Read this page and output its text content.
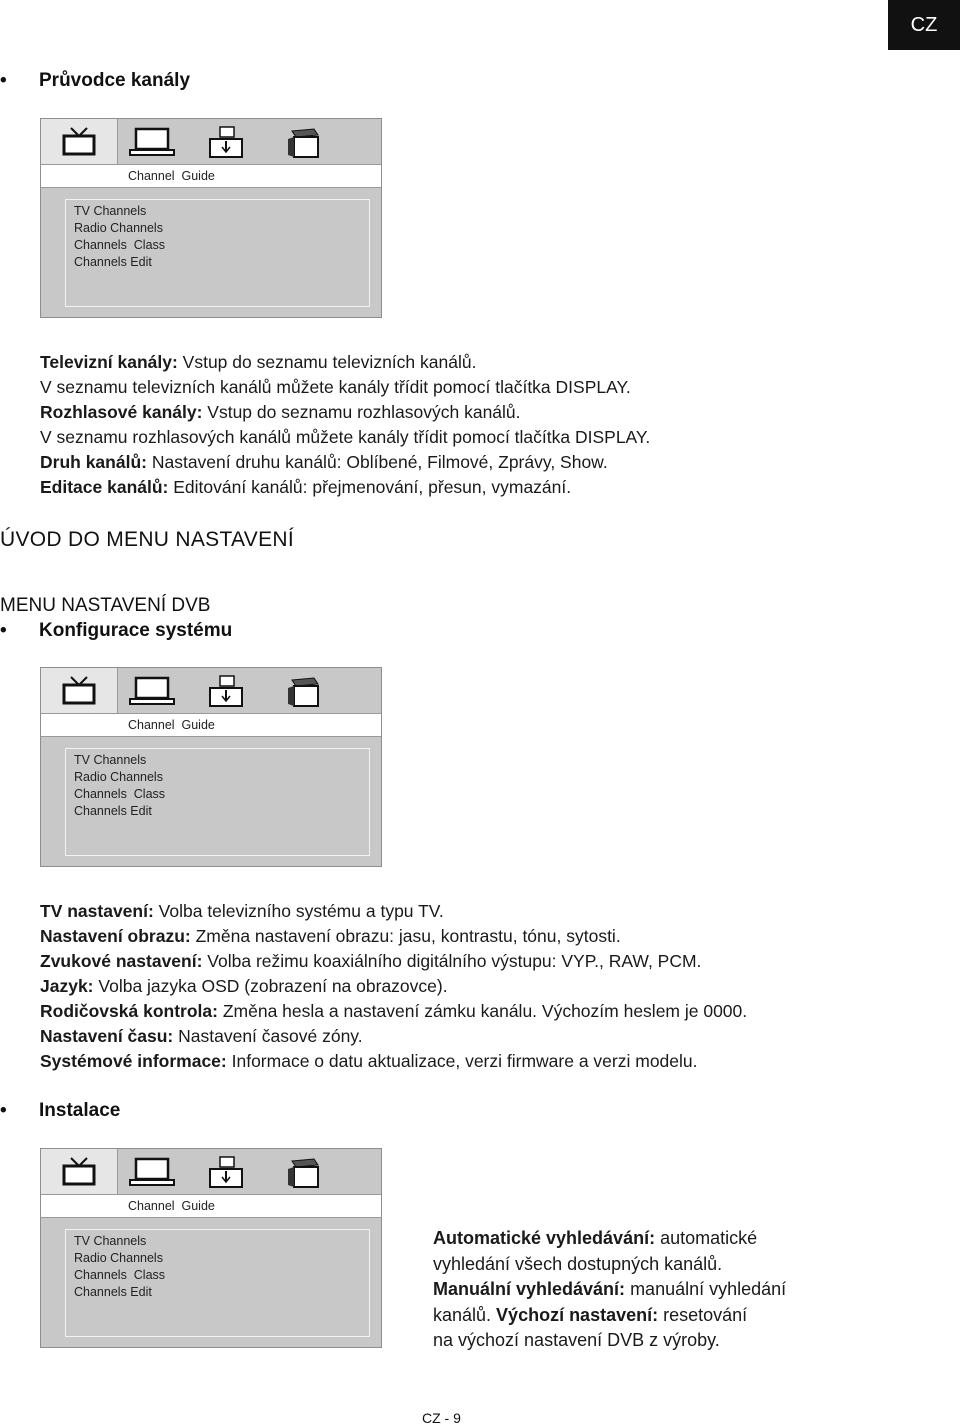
CZ
• Průvodce kanály
Channel  Guide
TV Channels
Radio Channels
Channels  Class
Channels Edit
Televizní kanály: Vstup do seznamu televizních kanálů.
V seznamu televizních kanálů můžete kanály třídit pomocí tlačítka DISPLAY.
Rozhlasové kanály: Vstup do seznamu rozhlasových kanálů.
V seznamu rozhlasových kanálů můžete kanály třídit pomocí tlačítka DISPLAY.
Druh kanálů: Nastavení druhu kanálů: Oblíbené, Filmové, Zprávy, Show.
Editace kanálů: Editování kanálů: přejmenování, přesun, vymazání.
ÚVOD DO MENU NASTAVENÍ
MENU NASTAVENÍ DVB
• Konfigurace systému
Channel  Guide
TV Channels
Radio Channels
Channels  Class
Channels Edit
TV nastavení: Volba televizního systému a typu TV.
Nastavení obrazu: Změna nastavení obrazu: jasu, kontrastu, tónu, sytosti.
Zvukové nastavení: Volba režimu koaxiálního digitálního výstupu: VYP., RAW, PCM.
Jazyk: Volba jazyka OSD (zobrazení na obrazovce).
Rodičovská kontrola: Změna hesla a nastavení zámku kanálu. Výchozím heslem je 0000.
Nastavení času: Nastavení časové zóny.
Systémové informace: Informace o datu aktualizace, verzi firmware a verzi modelu.
• Instalace
Channel  Guide
TV Channels
Radio Channels
Channels  Class
Channels Edit
Automatické vyhledávání: automatické
vyhledání všech dostupných kanálů.
Manuální vyhledávání: manuální vyhledání
kanálů. Výchozí nastavení: resetování
na výchozí nastavení DVB z výroby.
CZ - 9
